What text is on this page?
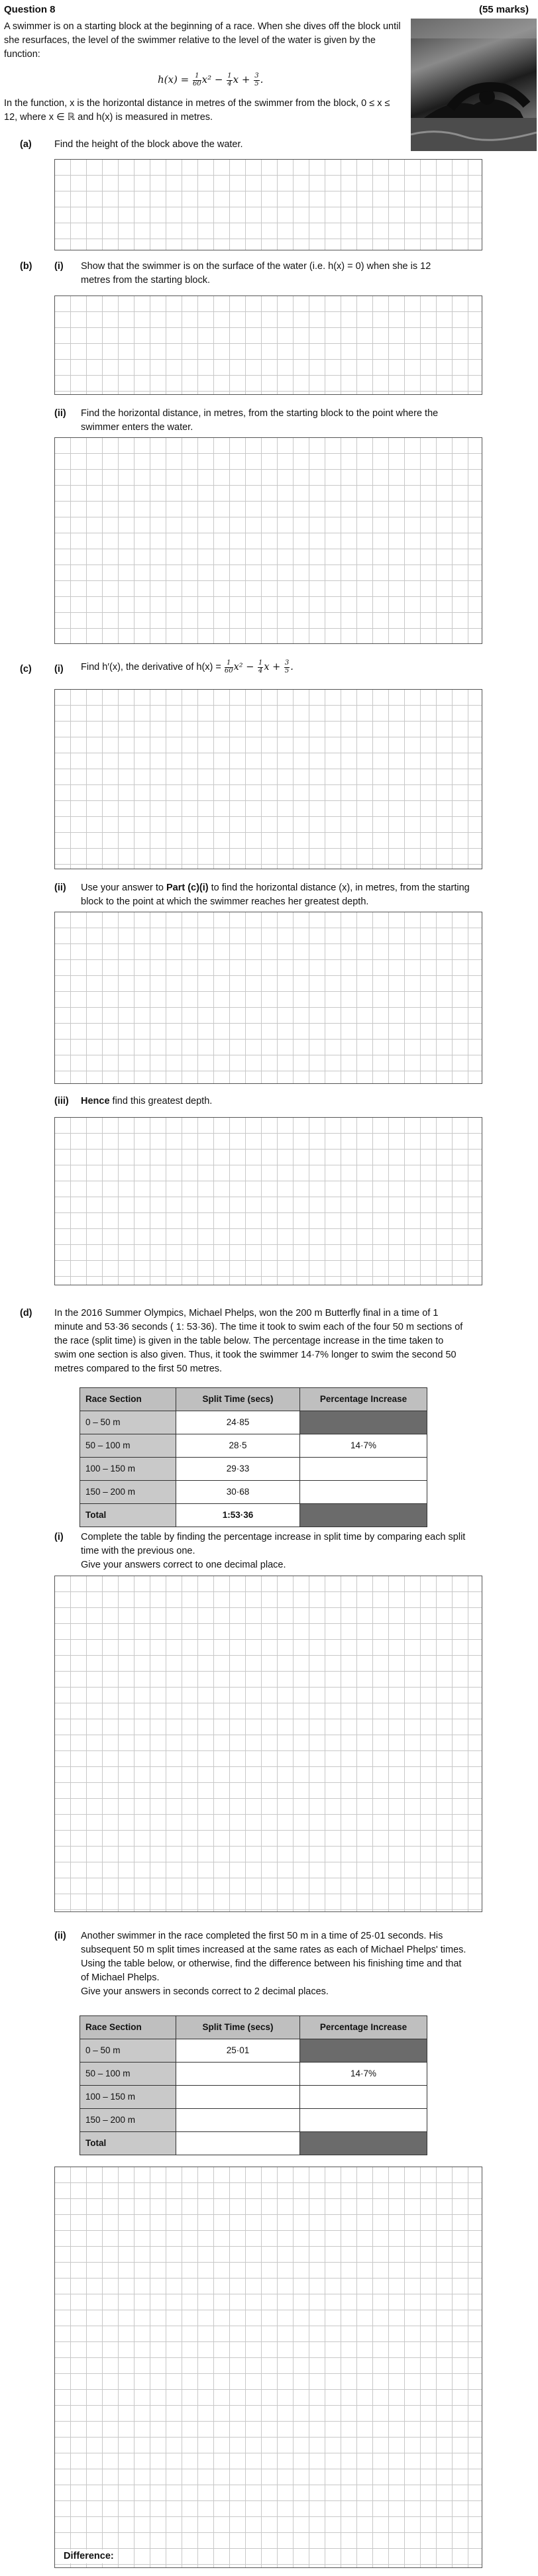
Question 8	(55 marks)
A swimmer is on a starting block at the beginning of a race. When she dives off the block until she resurfaces, the level of the swimmer relative to the level of the water is given by the function:
$h(x) = \frac{1}{60} x^2 - \frac{1}{4}$ $x + \frac{3}{5}$ .
In the function, x is the horizontal distance in metres of the swimmer from the block, 0 ≤ x ≤ 12, where x ∈ ℝ and h(x) is measured in metres.
(a) Find the height of the block above the water.
(b) (i) Show that the swimmer is on the surface of the water (i.e. h(x) = 0) when she is 12 metres from the starting block.
(ii) Find the horizontal distance, in metres, from the starting block to the point where the swimmer enters the water.
(c) (i) Find h′(x), the derivative of $h(x) = \frac{1}{60} x^2 - \frac{1}{4}$ $x + \frac{3}{5}$ .
(ii) Use your answer to Part (c)(i) to find the horizontal distance (x), in metres, from the starting block to the point at which the swimmer reaches her greatest depth.
(iii) Hence find this greatest depth.
(d) In the 2016 Summer Olympics, Michael Phelps, won the 200 m Butterfly final in a time of 1 minute and 53·36 seconds ( 1: 53·36). The time it took to swim each of the four 50 m sections of the race (split time) is given in the table below. The percentage increase in the time taken to swim one section is also given. Thus, it took the swimmer 14·7% longer to swim the second 50 metres compared to the first 50 metres.
Race Section	Split Time (secs)	Percentage Increase
0 – 50 m	24·85	
50 – 100 m	28·5	14·7%
100 – 150 m	29·33	
150 – 200 m	30·68	
Total	1:53·36	
(i) Complete the table by finding the percentage increase in split time by comparing each split time with the previous one.
Give your answers correct to one decimal place.
(ii) Another swimmer in the race completed the first 50 m in a time of 25·01 seconds. His subsequent 50 m split times increased at the same rates as each of Michael Phelps' times. Using the table below, or otherwise, find the difference between his finishing time and that of Michael Phelps.
Give your answers in seconds correct to 2 decimal places.
Race Section	Split Time (secs)	Percentage Increase
0 – 50 m	25·01	
50 – 100 m		14·7%
100 – 150 m		
150 – 200 m		
Total		
Difference:
